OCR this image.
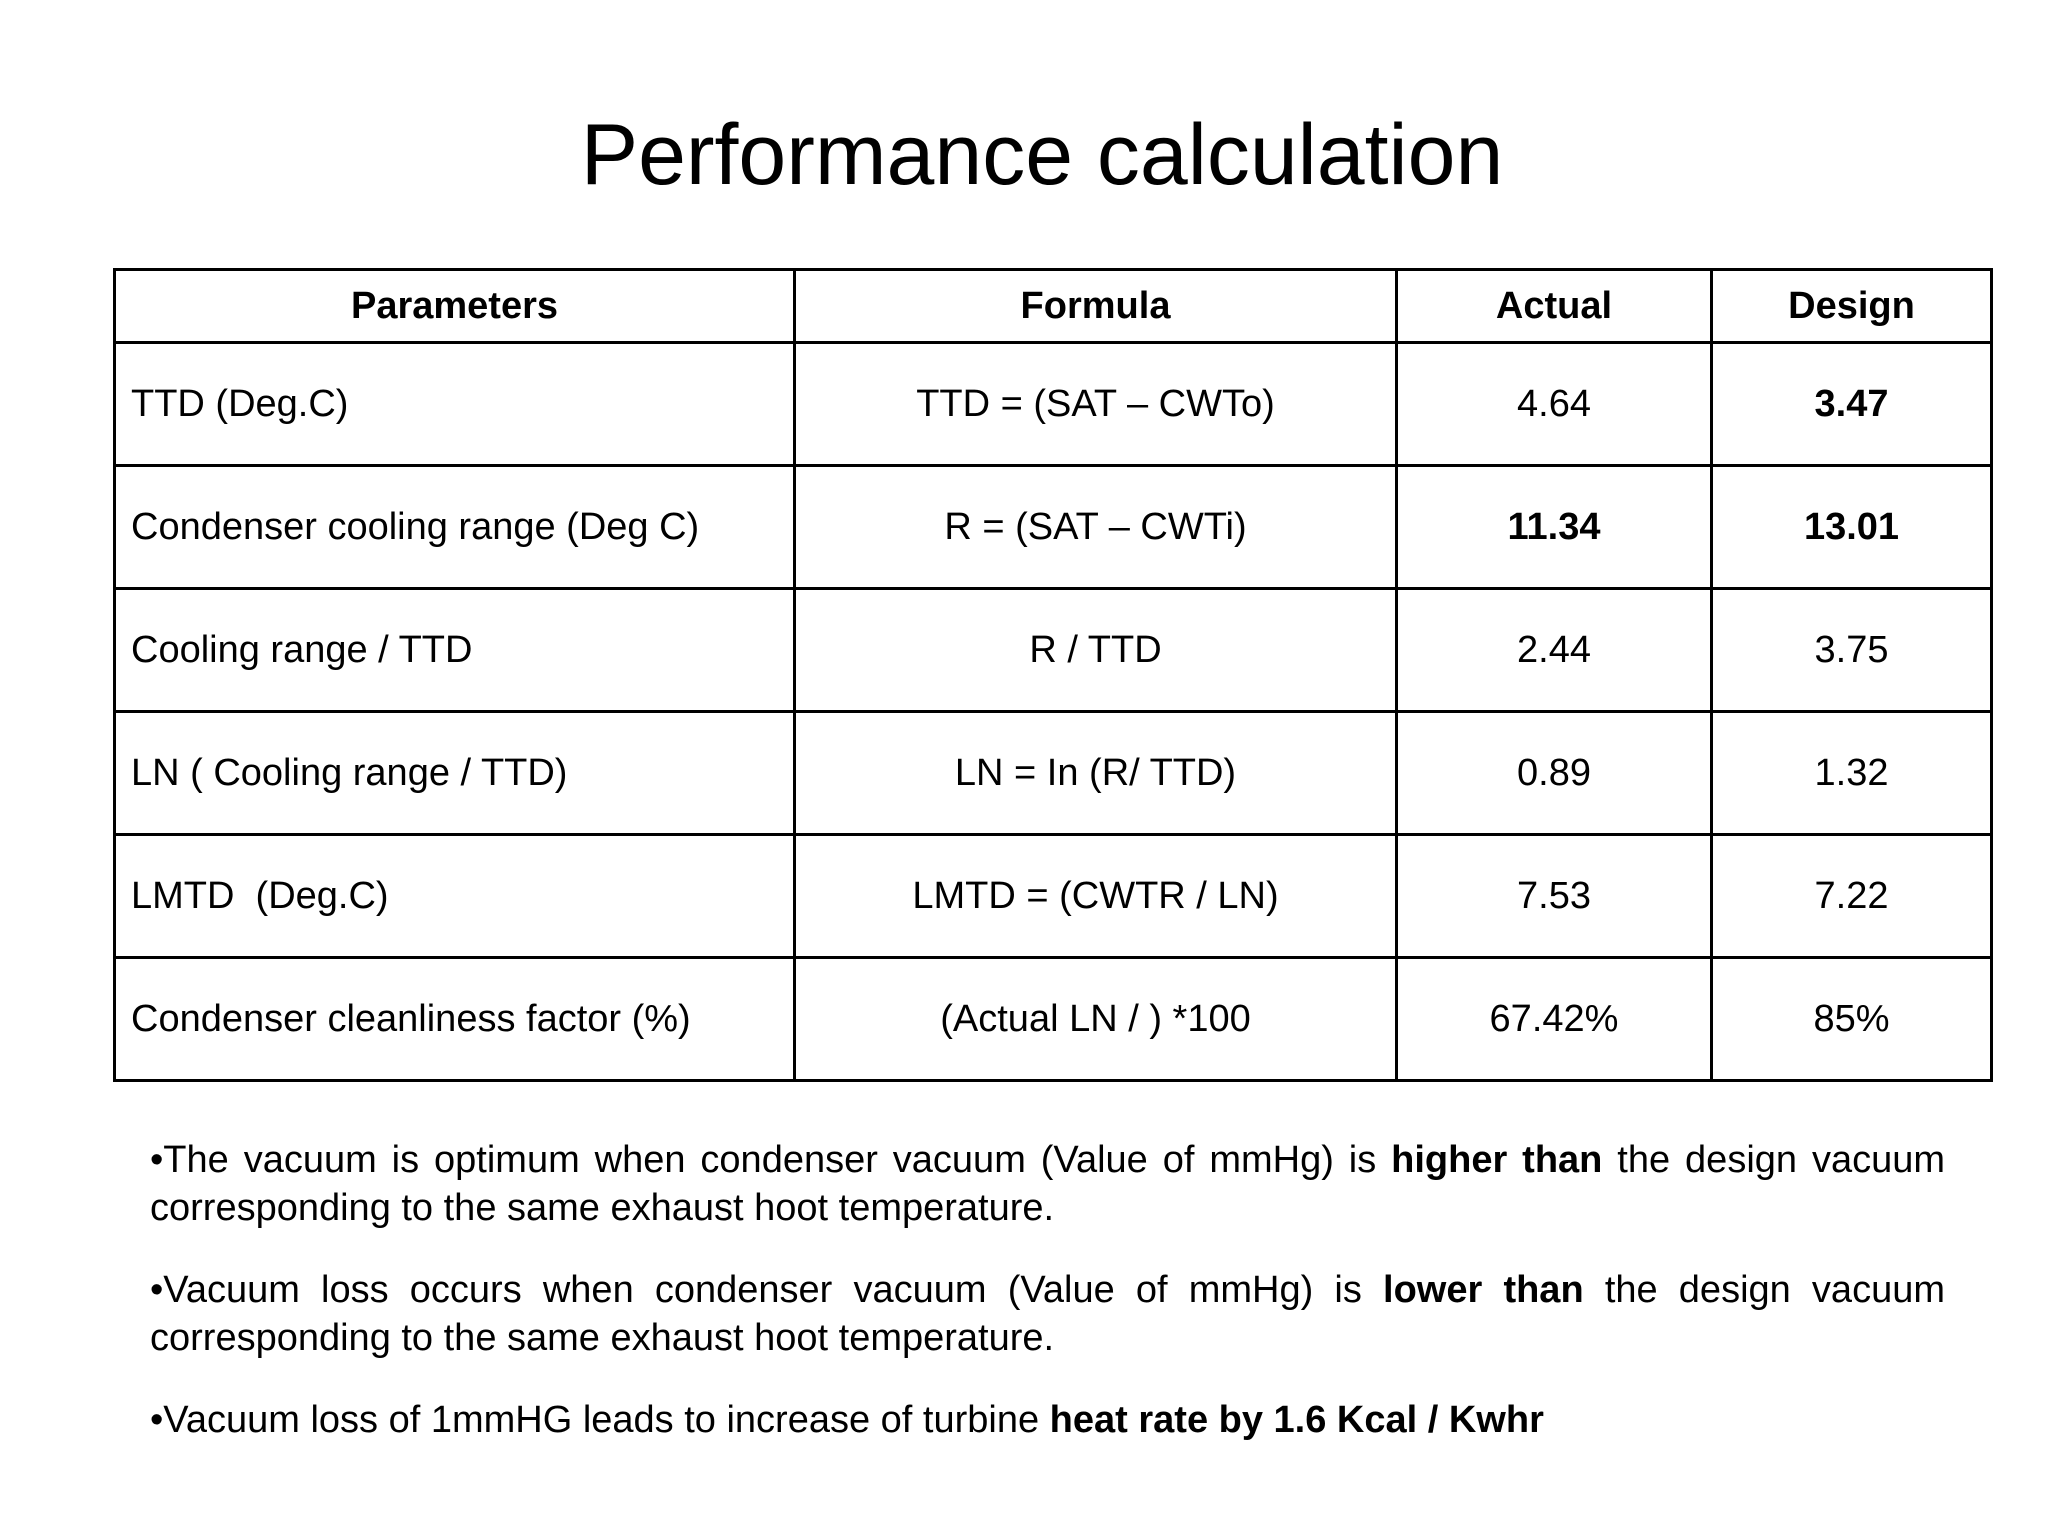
Performance calculation
Parameters	Formula	Actual	Design
TTD (Deg.C)	TTD = (SAT – CWTo)	4.64	3.47
Condenser cooling range (Deg C)	R = (SAT – CWTi)	11.34	13.01
Cooling range / TTD	R / TTD	2.44	3.75
LN ( Cooling range / TTD)	LN = In (R/ TTD)	0.89	1.32
LMTD  (Deg.C)	LMTD = (CWTR / LN)	7.53	7.22
Condenser cleanliness factor (%)	(Actual LN / ) *100	67.42%	85%

•The vacuum is optimum when condenser vacuum (Value of mmHg) is higher than the design vacuum corresponding to the same exhaust hoot temperature.

•Vacuum loss occurs when condenser vacuum (Value of mmHg) is lower than the design vacuum corresponding to the same exhaust hoot temperature.

•Vacuum loss of 1mmHG leads to increase of turbine heat rate by 1.6 Kcal / Kwhr
